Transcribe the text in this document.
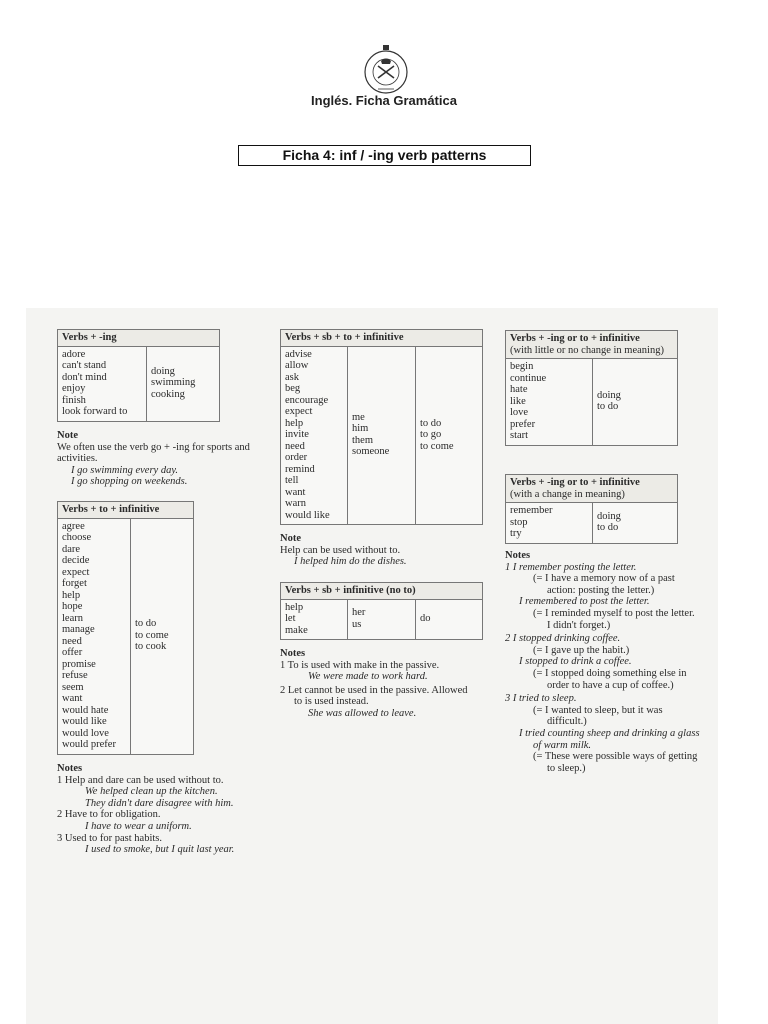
Inglés. Ficha Gramática
Ficha 4: inf / -ing verb patterns
Verbs + -ing
adore
can't stand
don't mind
enjoy
finish
look forward to
doing
swimming
cooking
Note
We often use the verb go + -ing for sports and
activities.
I go swimming every day.
I go shopping on weekends.
Verbs + to + infinitive
agree
choose
dare
decide
expect
forget
help
hope
learn
manage
need
offer
promise
refuse
seem
want
would hate
would like
would love
would prefer
to do
to come
to cook
Notes
1 Help and dare can be used without to.
We helped clean up the kitchen.
They didn't dare disagree with him.
2 Have to for obligation.
I have to wear a uniform.
3 Used to for past habits.
I used to smoke, but I quit last year.
Verbs + sb + to + infinitive
advise
allow
ask
beg
encourage
expect
help
invite
need
order
remind
tell
want
warn
would like
me
him
them
someone
to do
to go
to come
Note
Help can be used without to.
I helped him do the dishes.
Verbs + sb + infinitive (no to)
help
let
make
her
us
do
Notes
1 To is used with make in the passive.
We were made to work hard.
2 Let cannot be used in the passive. Allowed
to is used instead.
She was allowed to leave.
Verbs + -ing or to + infinitive
(with little or no change in meaning)
begin
continue
hate
like
love
prefer
start
doing
to do
Verbs + -ing or to + infinitive
(with a change in meaning)
remember
stop
try
doing
to do
Notes
1 I remember posting the letter.
(= I have a memory now of a past
action: posting the letter.)
I remembered to post the letter.
(= I reminded myself to post the letter.
I didn't forget.)
2 I stopped drinking coffee.
(= I gave up the habit.)
I stopped to drink a coffee.
(= I stopped doing something else in
order to have a cup of coffee.)
3 I tried to sleep.
(= I wanted to sleep, but it was
difficult.)
I tried counting sheep and drinking a glass
of warm milk.
(= These were possible ways of getting
to sleep.)
